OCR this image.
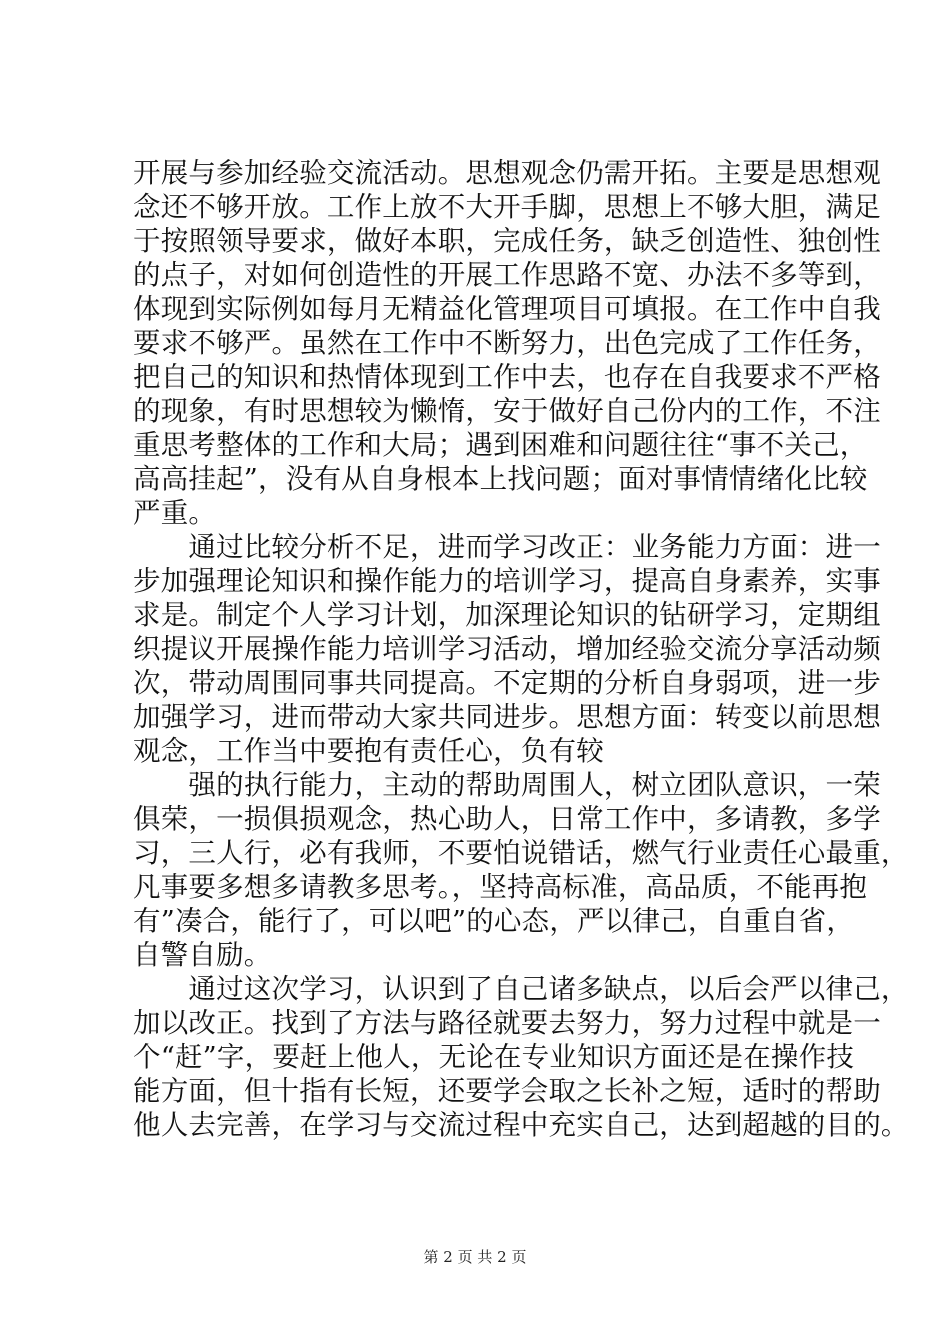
开展与参加经验交流活动。思想观念仍需开拓。主要是思想观
念还不够开放。工作上放不大开手脚，思想上不够大胆，满足
于按照领导要求，做好本职，完成任务，缺乏创造性、独创性
的点子，对如何创造性的开展工作思路不宽、办法不多等到，
体现到实际例如每月无精益化管理项目可填报。在工作中自我
要求不够严。虽然在工作中不断努力，出色完成了工作任务，
把自己的知识和热情体现到工作中去，也存在自我要求不严格
的现象，有时思想较为懒惰，安于做好自己份内的工作，不注
重思考整体的工作和大局；遇到困难和问题往往“事不关己，
高高挂起”，没有从自身根本上找问题；面对事情情绪化比较
严重。
　　通过比较分析不足，进而学习改正：业务能力方面：进一
步加强理论知识和操作能力的培训学习，提高自身素养，实事
求是。制定个人学习计划，加深理论知识的钻研学习，定期组
织提议开展操作能力培训学习活动，增加经验交流分享活动频
次，带动周围同事共同提高。不定期的分析自身弱项，进一步
加强学习，进而带动大家共同进步。思想方面：转变以前思想
观念，工作当中要抱有责任心，负有较
　　强的执行能力，主动的帮助周围人，树立团队意识，一荣
俱荣，一损俱损观念，热心助人，日常工作中，多请教，多学
习，三人行，必有我师，不要怕说错话，燃气行业责任心最重，
凡事要多想多请教多思考。，坚持高标准，高品质，不能再抱
有”凑合，能行了，可以吧”的心态，严以律己，自重自省，
自警自励。
　　通过这次学习，认识到了自己诸多缺点，以后会严以律己，
加以改正。找到了方法与路径就要去努力，努力过程中就是一
个“赶”字，要赶上他人，无论在专业知识方面还是在操作技
能方面，但十指有长短，还要学会取之长补之短，适时的帮助
他人去完善，在学习与交流过程中充实自己，达到超越的目的。
第 2 页 共 2 页
